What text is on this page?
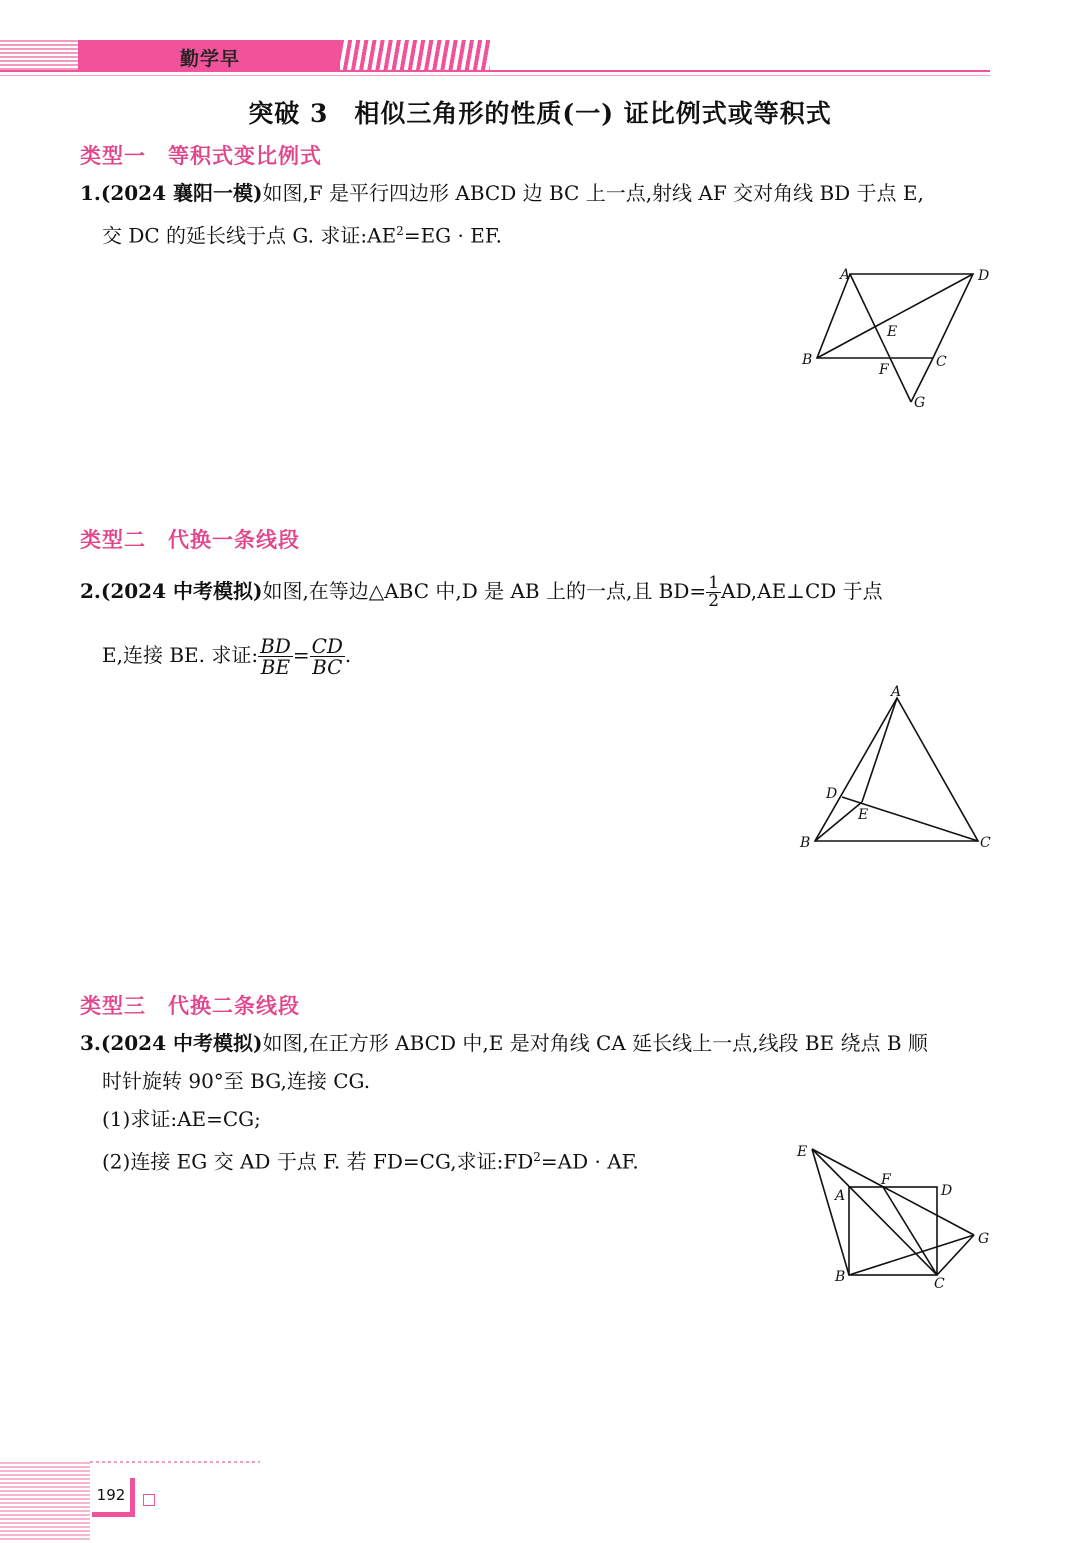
勤学早
突破 3　相似三角形的性质(一) 证比例式或等积式
类型一　等积式变比例式
1.(2024 襄阳一模)如图,F 是平行四边形 ABCD 边 BC 上一点,射线 AF 交对角线 BD 于点 E,
交 DC 的延长线于点 G. 求证$:AE^2=EG$ · EF.
A	D
E
B	C
F
G
类型二　代换一条线段
2.(2024 中考模拟)如图,在等边△ABC 中,D 是 AB 上的一点,且 $BD= \frac{1}{2}$ AD,AE⊥CD 于点
E,连接 BE. 求证: $\frac{BD}{BE} = \frac{CD}{BC}$ .
A
D
E
B	C
类型三　代换二条线段
3.(2024 中考模拟)如图,在正方形 ABCD 中,E 是对角线 CA 延长线上一点,线段 BE 绕点 B 顺
时针旋转 90°至 BG,连接 CG.
(1)求证:AE=CG;
(2)连接 EG 交 AD 于点 F. 若 FD=CG,求证$:FD^2=AD$ · AF.	E
A
F
D
G
B	C
192
